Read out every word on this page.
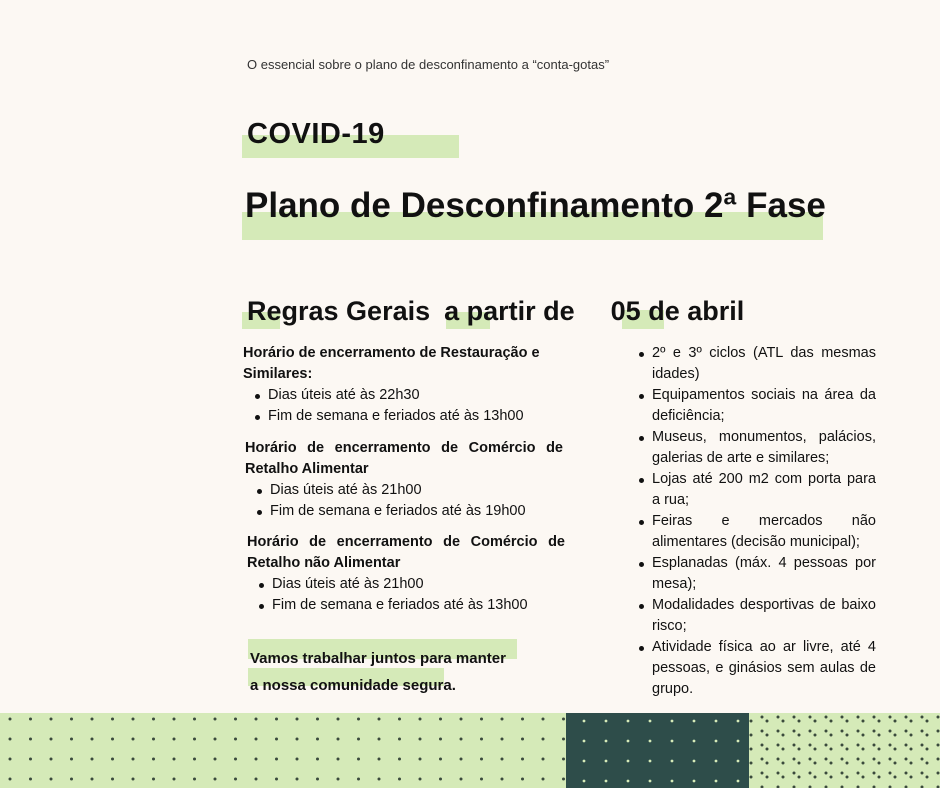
O essencial sobre o plano de desconfinamento a “conta-gotas”
COVID-19
Plano de Desconfinamento 2ª Fase
Regras Gerais a partir de 05 de abril
Horário de encerramento de Restauração e Similares:
Dias úteis até às 22h30
Fim de semana e feriados até às 13h00
Horário de encerramento de Comércio de Retalho Alimentar
Dias úteis até às 21h00
Fim de semana e feriados até às 19h00
Horário de encerramento de Comércio de Retalho não Alimentar
Dias úteis até às 21h00
Fim de semana e feriados até às 13h00
2º e 3º ciclos (ATL das mesmas idades)
Equipamentos sociais na área da deficiência;
Museus, monumentos, palácios, galerias de arte e similares;
Lojas até 200 m2 com porta para a rua;
Feiras e mercados não alimentares (decisão municipal);
Esplanadas (máx. 4 pessoas por mesa);
Modalidades desportivas de baixo risco;
Atividade física ao ar livre, até 4 pessoas, e ginásios sem aulas de grupo.
Vamos trabalhar juntos para manter
a nossa comunidade segura.
